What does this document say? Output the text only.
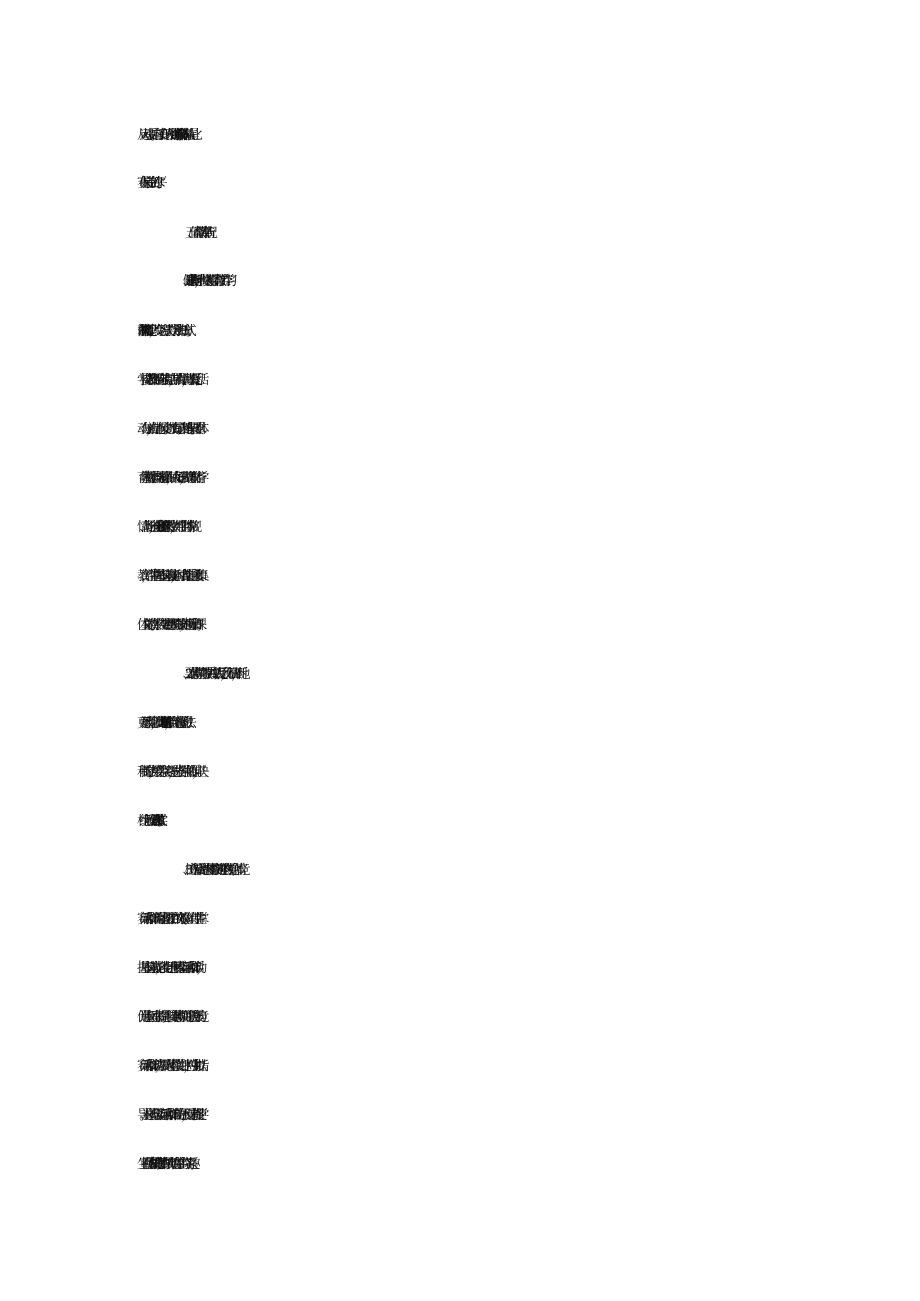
从运动中受益。有了良好的人员和训练保障,学校各体育队在是比
赛保持前三名的水平。
五、体育教学改革情况
1、以“健康第一”为指导，我校切实抓好体育教学工作学习
落实“课标”的教育理念，改变学习方式、教学方法和评价方式。
学校要求教研组做到学年有总结，学期有计划，每课有反思；活
动有分工，有措施、保安全；成绩有纪录；资料有积累。要求体
育教师根据学校场地器材条件，认真备好课，做到备教材、备学
情、备场地，充分利用45分钟的课堂教学，抓好学生的体育常规
教育，让学生掌握基本的运动技能，同时结合推进爱国主义和集
体主义的教育。学校领导定期组织检查教案，随机听课和评课。
2、要求体育教师在教学实践中认真反思，努力钻研，不断地
更新教育观念，准确地理解“课标”精神，恰当地选择新的教法
和新的学法，激发学生学习兴趣，充分发挥学生主体作用，坚决
杜绝无教案上课和“放羊式”教学。
3、树立课外活动是课内体育教学的延伸的教学观念。体育竞
赛活动和群体活动是体育课教学工作的实效检验。只有让学生掌
握基本的运动技能，才能更好地开展体育竞赛活动和群体活动，
促进体育运动水平的提高。学校要求体育教师凡是学校开展的竞
赛活动和群体活动，都要列入体育教学计划之中，对学生加以指
导。这样既推动了竞赛活动和群体活动的开展，反过来督促使学
生重视体育课的教学,提高了体育课的实效性和学生的学习兴趣。
